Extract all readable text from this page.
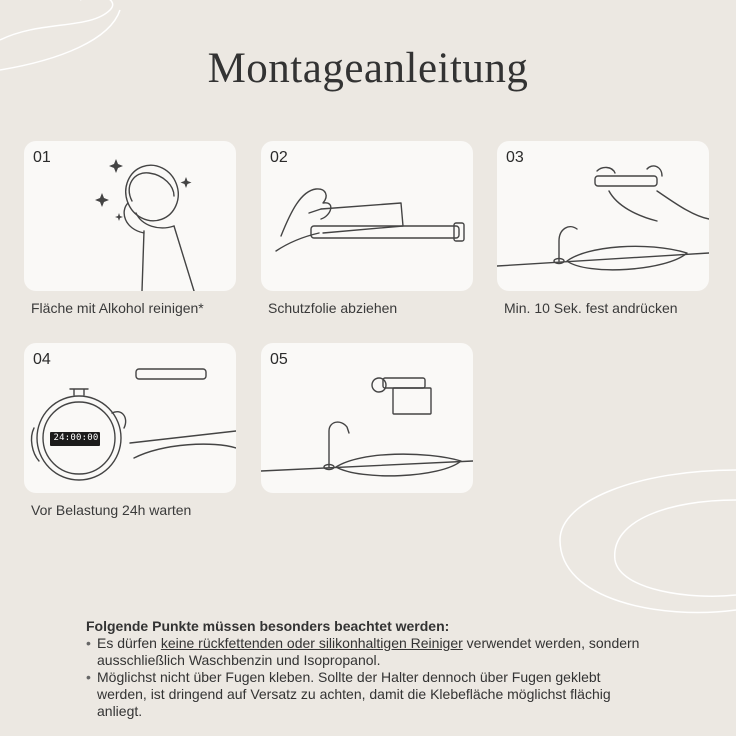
Montageanleitung
01
Fläche mit Alkohol reinigen*
02
Schutzfolie abziehen
03
Min. 10 Sek. fest andrücken
04
24:00:00
Vor Belastung 24h warten
05
Folgende Punkte müssen besonders beachtet werden:
• Es dürfen keine rückfettenden oder silikonhaltigen Reiniger verwendet werden, sondern ausschließlich Waschbenzin und Isopropanol.
• Möglichst nicht über Fugen kleben. Sollte der Halter dennoch über Fugen geklebt werden, ist dringend auf Versatz zu achten, damit die Klebefläche möglichst flächig anliegt.
